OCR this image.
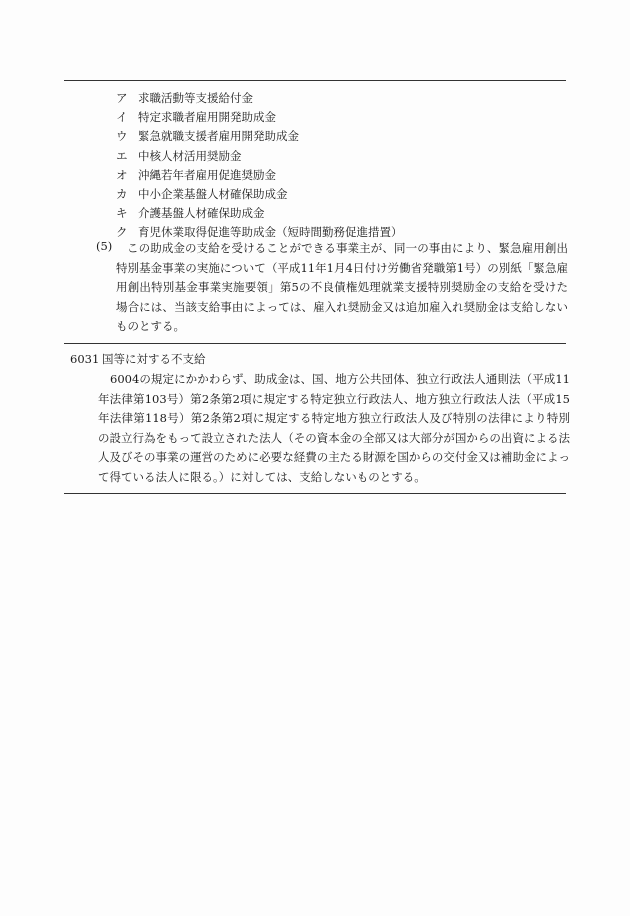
ア 求職活動等支援給付金
イ 特定求職者雇用開発助成金
ウ 緊急就職支援者雇用開発助成金
エ 中核人材活用奨励金
オ 沖縄若年者雇用促進奨励金
カ 中小企業基盤人材確保助成金
キ 介護基盤人材確保助成金
ク 育児休業取得促進等助成金（短時間勤務促進措置）
(5)	この助成金の支給を受けることができる事業主が、同一の事由により、緊急雇用創出特別基金事業の実施について（平成11年1月4日付け労働省発職第1号）の別紙「緊急雇用創出特別基金事業実施要領」第5の不良債権処理就業支援特別奨励金の支給を受けた場合には、当該支給事由によっては、雇入れ奨励金又は追加雇入れ奨励金は支給しないものとする。
6031 国等に対する不支給
6004の規定にかかわらず、助成金は、国、地方公共団体、独立行政法人通則法（平成11年法律第103号）第2条第2項に規定する特定独立行政法人、地方独立行政法人法（平成15年法律第118号）第2条第2項に規定する特定地方独立行政法人及び特別の法律により特別の設立行為をもって設立された法人（その資本金の全部又は大部分が国からの出資による法人及びその事業の運営のために必要な経費の主たる財源を国からの交付金又は補助金によって得ている法人に限る。）に対しては、支給しないものとする。
